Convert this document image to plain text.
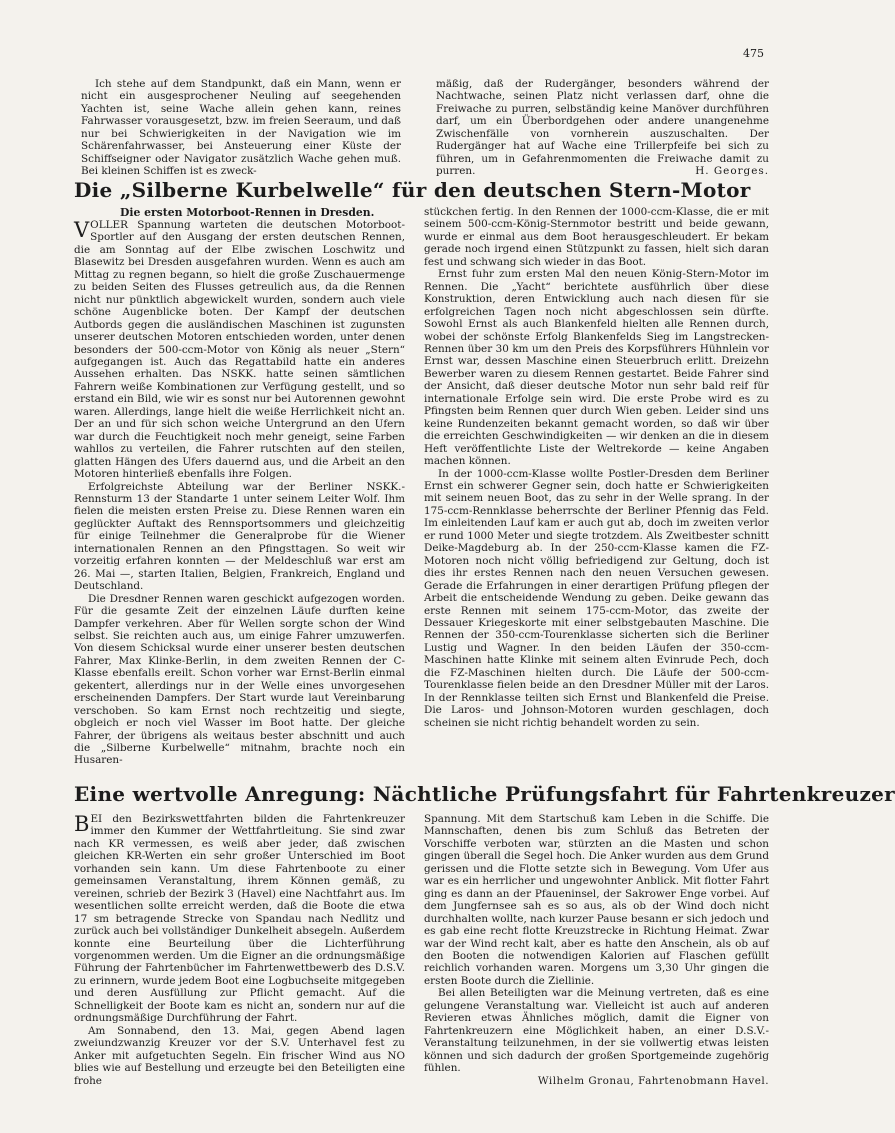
475

Ich stehe auf dem Standpunkt, daß ein Mann, wenn er nicht ein ausgesprochener Neuling auf seegehenden Yachten ist, seine Wache allein gehen kann, reines Fahrwasser vorausgesetzt, bzw. im freien Seeraum, und daß nur bei Schwierigkeiten in der Navigation wie im Schärenfahrwasser, bei Ansteuerung einer Küste der Schiffseigner oder Navigator zusätzlich Wache gehen muß. Bei kleinen Schiffen ist es zweck-

mäßig, daß der Rudergänger, besonders während der Nachtwache, seinen Platz nicht verlassen darf, ohne die Freiwache zu purren, selbständig keine Manöver durchführen darf, um ein Überbordgehen oder andere unangenehme Zwischenfälle von vornherein auszuschalten. Der Rudergänger hat auf Wache eine Trillerpfeife bei sich zu führen, um in Gefahrenmomenten die Freiwache damit zu purren.	H. Georges.

Die „Silberne Kurbelwelle“ für den deutschen Stern-Motor
Die ersten Motorboot-Rennen in Dresden.

VOLLER Spannung warteten die deutschen Motorboot-Sportler auf den Ausgang der ersten deutschen Rennen, die am Sonntag auf der Elbe zwischen Loschwitz und Blasewitz bei Dresden ausgefahren wurden. Wenn es auch am Mittag zu regnen begann, so hielt die große Zuschauermenge zu beiden Seiten des Flusses getreulich aus, da die Rennen nicht nur pünktlich abgewickelt wurden, sondern auch viele schöne Augenblicke boten. Der Kampf der deutschen Autbords gegen die ausländischen Maschinen ist zugunsten unserer deutschen Motoren entschieden worden, unter denen besonders der 500-ccm-Motor von König als neuer „Stern“ aufgegangen ist. Auch das Regattabild hatte ein anderes Aussehen erhalten. Das NSKK. hatte seinen sämtlichen Fahrern weiße Kombinationen zur Verfügung gestellt, und so erstand ein Bild, wie wir es sonst nur bei Autorennen gewohnt waren. Allerdings, lange hielt die weiße Herrlichkeit nicht an. Der an und für sich schon weiche Untergrund an den Ufern war durch die Feuchtigkeit noch mehr geneigt, seine Farben wahllos zu verteilen, die Fahrer rutschten auf den steilen, glatten Hängen des Ufers dauernd aus, und die Arbeit an den Motoren hinterließ ebenfalls ihre Folgen.

Erfolgreichste Abteilung war der Berliner NSKK.-Rennsturm 13 der Standarte 1 unter seinem Leiter Wolf. Ihm fielen die meisten ersten Preise zu. Diese Rennen waren ein geglückter Auftakt des Rennsportsommers und gleichzeitig für einige Teilnehmer die Generalprobe für die Wiener internationalen Rennen an den Pfingsttagen. So weit wir vorzeitig erfahren konnten — der Meldeschluß war erst am 26. Mai —, starten Italien, Belgien, Frankreich, England und Deutschland.

Die Dresdner Rennen waren geschickt aufgezogen worden. Für die gesamte Zeit der einzelnen Läufe durften keine Dampfer verkehren. Aber für Wellen sorgte schon der Wind selbst. Sie reichten auch aus, um einige Fahrer umzuwerfen. Von diesem Schicksal wurde einer unserer besten deutschen Fahrer, Max Klinke-Berlin, in dem zweiten Rennen der C-Klasse ebenfalls ereilt. Schon vorher war Ernst-Berlin einmal gekentert, allerdings nur in der Welle eines unvorgesehen erscheinenden Dampfers. Der Start wurde laut Vereinbarung verschoben. So kam Ernst noch rechtzeitig und siegte, obgleich er noch viel Wasser im Boot hatte. Der gleiche Fahrer, der übrigens als weitaus bester abschnitt und auch die „Silberne Kurbelwelle“ mitnahm, brachte noch ein Husaren-

stückchen fertig. In den Rennen der 1000-ccm-Klasse, die er mit seinem 500-ccm-König-Sternmotor bestritt und beide gewann, wurde er einmal aus dem Boot herausgeschleudert. Er bekam gerade noch irgend einen Stützpunkt zu fassen, hielt sich daran fest und schwang sich wieder in das Boot.

Ernst fuhr zum ersten Mal den neuen König-Stern-Motor im Rennen. Die „Yacht“ berichtete ausführlich über diese Konstruktion, deren Entwicklung auch nach diesen für sie erfolgreichen Tagen noch nicht abgeschlossen sein dürfte. Sowohl Ernst als auch Blankenfeld hielten alle Rennen durch, wobei der schönste Erfolg Blankenfelds Sieg im Langstrecken-Rennen über 30 km um den Preis des Korpsführers Hühnlein vor Ernst war, dessen Maschine einen Steuerbruch erlitt. Dreizehn Bewerber waren zu diesem Rennen gestartet. Beide Fahrer sind der Ansicht, daß dieser deutsche Motor nun sehr bald reif für internationale Erfolge sein wird. Die erste Probe wird es zu Pfingsten beim Rennen quer durch Wien geben. Leider sind uns keine Rundenzeiten bekannt gemacht worden, so daß wir über die erreichten Geschwindigkeiten — wir denken an die in diesem Heft veröffentlichte Liste der Weltrekorde — keine Angaben machen können.

In der 1000-ccm-Klasse wollte Postler-Dresden dem Berliner Ernst ein schwerer Gegner sein, doch hatte er Schwierigkeiten mit seinem neuen Boot, das zu sehr in der Welle sprang. In der 175-ccm-Rennklasse beherrschte der Berliner Pfennig das Feld. Im einleitenden Lauf kam er auch gut ab, doch im zweiten verlor er rund 1000 Meter und siegte trotzdem. Als Zweitbester schnitt Deike-Magdeburg ab. In der 250-ccm-Klasse kamen die FZ-Motoren noch nicht völlig befriedigend zur Geltung, doch ist dies ihr erstes Rennen nach den neuen Versuchen gewesen. Gerade die Erfahrungen in einer derartigen Prüfung pflegen der Arbeit die entscheidende Wendung zu geben. Deike gewann das erste Rennen mit seinem 175-ccm-Motor, das zweite der Dessauer Kriegeskorte mit einer selbstgebauten Maschine. Die Rennen der 350-ccm-Tourenklasse sicherten sich die Berliner Lustig und Wagner. In den beiden Läufen der 350-ccm-Maschinen hatte Klinke mit seinem alten Evinrude Pech, doch die FZ-Maschinen hielten durch. Die Läufe der 500-ccm-Tourenklasse fielen beide an den Dresdner Müller mit der Laros. In der Rennklasse teilten sich Ernst und Blankenfeld die Preise. Die Laros- und Johnson-Motoren wurden geschlagen, doch scheinen sie nicht richtig behandelt worden zu sein.

Eine wertvolle Anregung: Nächtliche Prüfungsfahrt für Fahrtenkreuzer

BEI den Bezirkswettfahrten bilden die Fahrtenkreuzer immer den Kummer der Wettfahrtleitung. Sie sind zwar nach KR vermessen, es weiß aber jeder, daß zwischen gleichen KR-Werten ein sehr großer Unterschied im Boot vorhanden sein kann. Um diese Fahrtenboote zu einer gemeinsamen Veranstaltung, ihrem Können gemäß, zu vereinen, schrieb der Bezirk 3 (Havel) eine Nachtfahrt aus. Im wesentlichen sollte erreicht werden, daß die Boote die etwa 17 sm betragende Strecke von Spandau nach Nedlitz und zurück auch bei vollständiger Dunkelheit absegeln. Außerdem konnte eine Beurteilung über die Lichterführung vorgenommen werden. Um die Eigner an die ordnungsmäßige Führung der Fahrtenbücher im Fahrtenwettbewerb des D.S.V. zu erinnern, wurde jedem Boot eine Logbuchseite mitgegeben und deren Ausfüllung zur Pflicht gemacht. Auf die Schnelligkeit der Boote kam es nicht an, sondern nur auf die ordnungsmäßige Durchführung der Fahrt.

Am Sonnabend, den 13. Mai, gegen Abend lagen zweiundzwanzig Kreuzer vor der S.V. Unterhavel fest zu Anker mit aufgetuchten Segeln. Ein frischer Wind aus NO blies wie auf Bestellung und erzeugte bei den Beteiligten eine frohe

Spannung. Mit dem Startschuß kam Leben in die Schiffe. Die Mannschaften, denen bis zum Schluß das Betreten der Vorschiffe verboten war, stürzten an die Masten und schon gingen überall die Segel hoch. Die Anker wurden aus dem Grund gerissen und die Flotte setzte sich in Bewegung. Vom Ufer aus war es ein herrlicher und ungewohnter Anblick. Mit flotter Fahrt ging es dann an der Pfaueninsel, der Sakrower Enge vorbei. Auf dem Jungfernsee sah es so aus, als ob der Wind doch nicht durchhalten wollte, nach kurzer Pause besann er sich jedoch und es gab eine recht flotte Kreuzstrecke in Richtung Heimat. Zwar war der Wind recht kalt, aber es hatte den Anschein, als ob auf den Booten die notwendigen Kalorien auf Flaschen gefüllt reichlich vorhanden waren. Morgens um 3,30 Uhr gingen die ersten Boote durch die Ziellinie.

Bei allen Beteiligten war die Meinung vertreten, daß es eine gelungene Veranstaltung war. Vielleicht ist auch auf anderen Revieren etwas Ähnliches möglich, damit die Eigner von Fahrtenkreuzern eine Möglichkeit haben, an einer D.S.V.-Veranstaltung teilzunehmen, in der sie vollwertig etwas leisten können und sich dadurch der großen Sportgemeinde zugehörig fühlen.

Wilhelm Gronau, Fahrtenobmann Havel.
